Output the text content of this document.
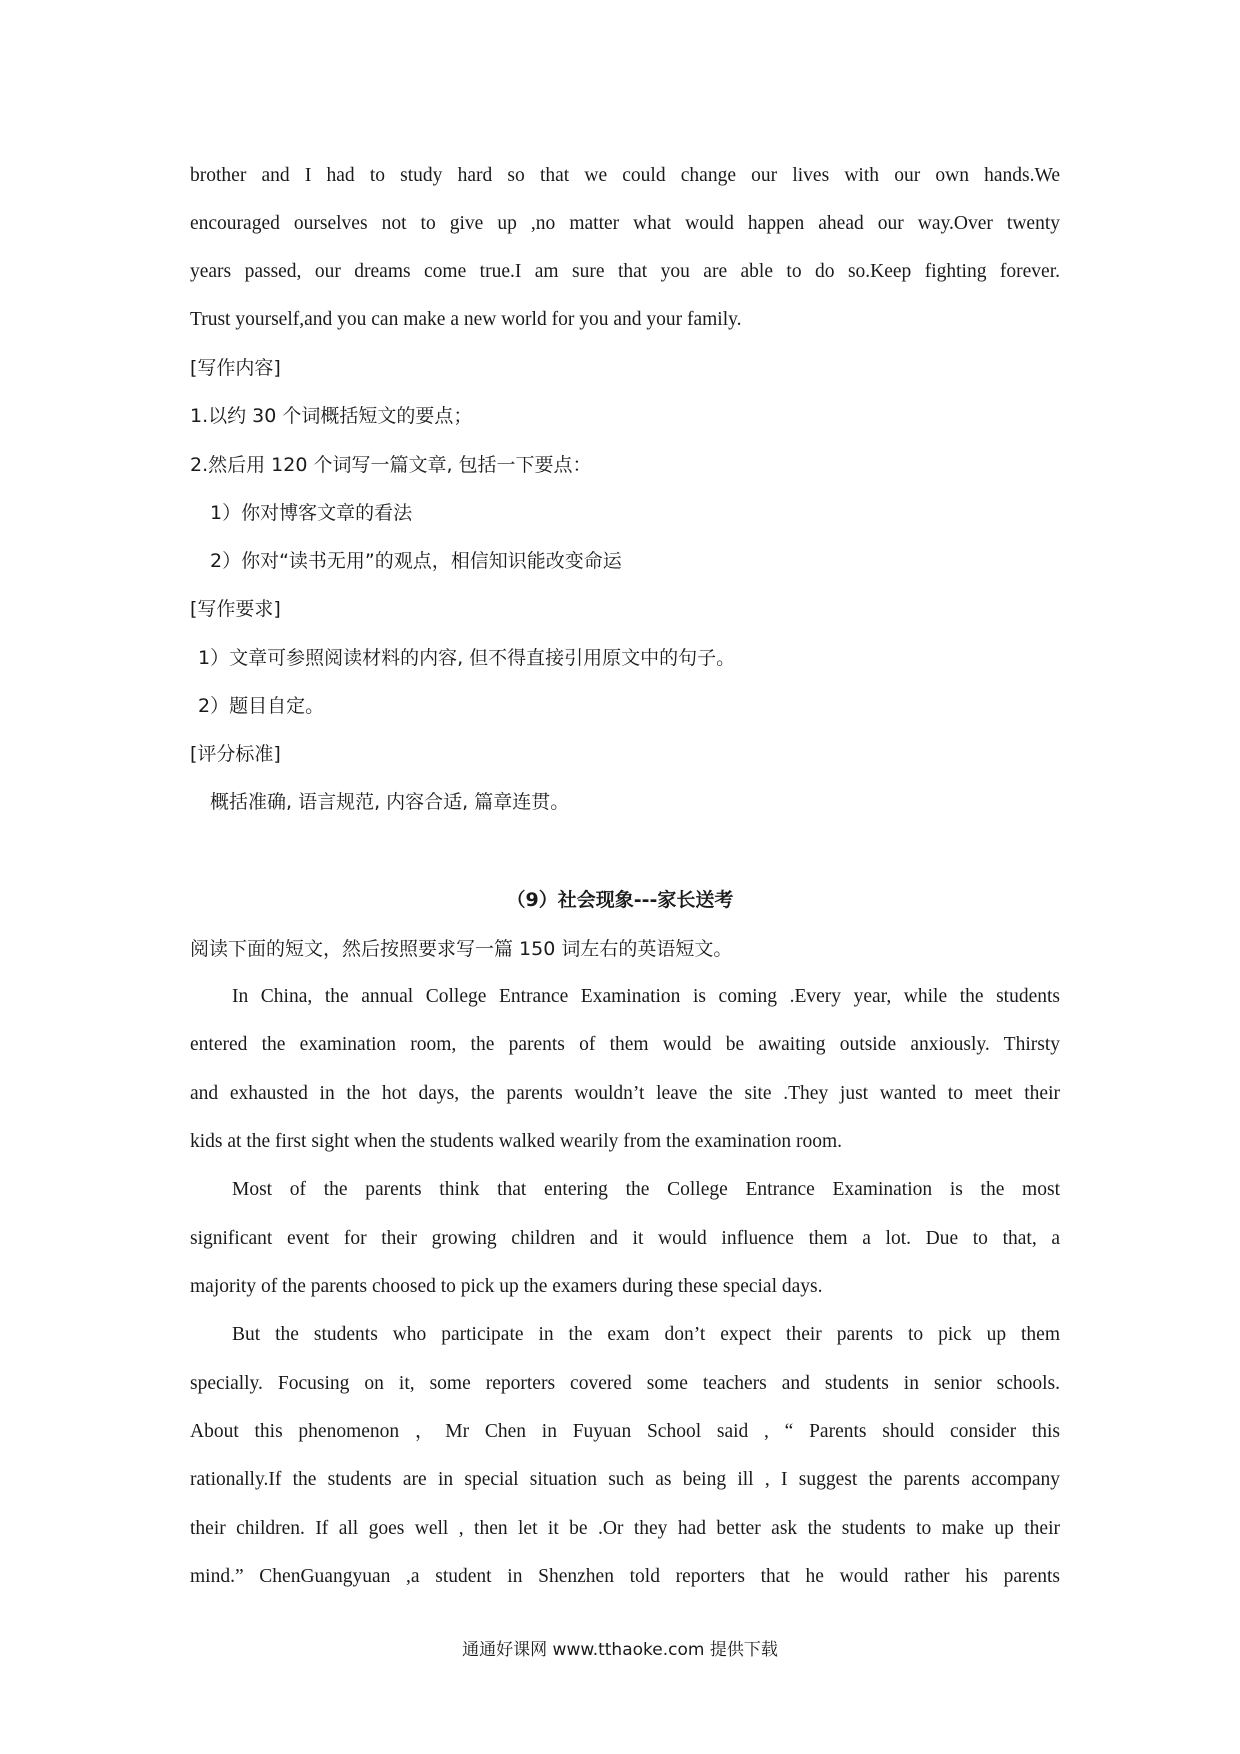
brother and I had to study hard so that we could change our lives with our own hands.We
encouraged ourselves not to give up ,no matter what would happen ahead our way.Over twenty
years passed, our dreams come true.I am sure that you are able to do so.Keep fighting forever.
Trust yourself,and you can make a new world for you and your family.
[写作内容]
1.以约 30 个词概括短文的要点；
2.然后用 120 个词写一篇文章, 包括一下要点：
1）你对博客文章的看法
2）你对“读书无用”的观点，相信知识能改变命运
[写作要求]
1）文章可参照阅读材料的内容, 但不得直接引用原文中的句子。
2）题目自定。
[评分标准]
概括准确, 语言规范, 内容合适, 篇章连贯。
（9）社会现象---家长送考
阅读下面的短文，然后按照要求写一篇 150 词左右的英语短文。
In China, the annual College Entrance Examination is coming .Every year, while the students
entered the examination room, the parents of them would be awaiting outside anxiously. Thirsty
and exhausted in the hot days, the parents wouldn’t leave the site .They just wanted to meet their
kids at the first sight when the students walked wearily from the examination room.
Most of the parents think that entering the College Entrance Examination is the most
significant event for their growing children and it would influence them a lot. Due to that, a
majority of the parents choosed to pick up the examers during these special days.
But the students who participate in the exam don’t expect their parents to pick up them
specially. Focusing on it, some reporters covered some teachers and students in senior schools.
About this phenomenon ，Mr Chen in Fuyuan School said , “ Parents should consider this
rationally.If the students are in special situation such as being ill , I suggest the parents accompany
their children. If all goes well , then let it be .Or they had better ask the students to make up their
mind.” ChenGuangyuan ,a student in Shenzhen told reporters that he would rather his parents
通通好课网 www.tthaoke.com 提供下载
